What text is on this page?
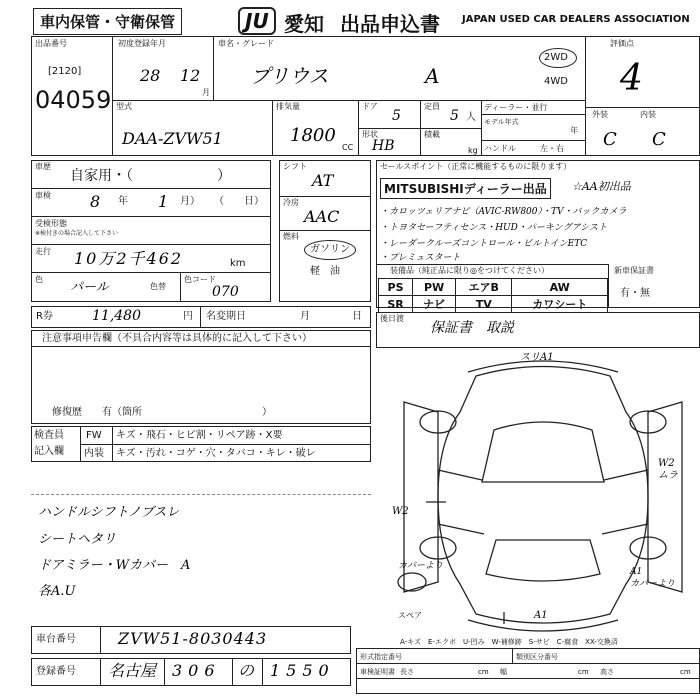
車内保管・守衛保管	JU 愛知 出品申込書 JAPAN USED CAR DEALERS ASSOCIATION
出品番号
[2120]
04059
初度登録年月
28 12
月
車名・グレード
プリウス	A
2WD
4WD
評価点
4
外装	内装
C C
型式
DAA-ZVW51
排気量
1800
CC
ドア
5
定員
5 人
形状
HB
積載
kg
ディーラー・並行
モデル年式
年
ハンドル	左・右
車歴
自家用・（　　　　　　）
車検 8 年 1 月） （　　日）
受検形態
※検付きの場合記入して下さい
走行 10万2千462	km
色
パール	色替
色コード
070
シフト
AT
冷房
AAC
燃料
ガソリン
軽　油
セールスポイント（正常に機能するものに限ります）
MITSUBISHIディーラー出品	☆AA初出品
・カロッツェリアナビ（AVIC-RW800）・TV・バックカメラ
・トヨタセーフティセンス・HUD・パーキングアシスト
・レーダークルーズコントロール・ビルトインETC
・プレミュスタート
装備品（純正品に限り◎をつけてください）
PS	PW	エアB	AW
SR	ナビ	TV	カワシート
新車保証書
有・無
R券	11,480	円 名変期日	月	日 後日渡
保証書　取説
注意事項申告欄（不具合内容等は具体的に記入して下さい）
修復歴　　有（箇所　　　　　　　　　　　　）
検査員
記入欄
FW キズ・飛石・ヒビ割・リペア跡・X要
内装 キズ・汚れ・コゲ・穴・タバコ・キレ・破レ
ハンドルシフトノブスレ
シートヘタリ
ドアミラー・Wカバー　A
各A.U
スリA1
A1
W2
W2
ムラ
カバーより
A1
カバーより
スペア
A-キズ　E-エクボ　U-凹み　W-補修跡　S-サビ　C-腐食　XX-交換済
車台番号	ZVW51-8030443
登録番号 名古屋 306 の 1550
形式指定番号	類別区分番号
車検証明書 長さ	cm 幅	cm 高さ	cm
